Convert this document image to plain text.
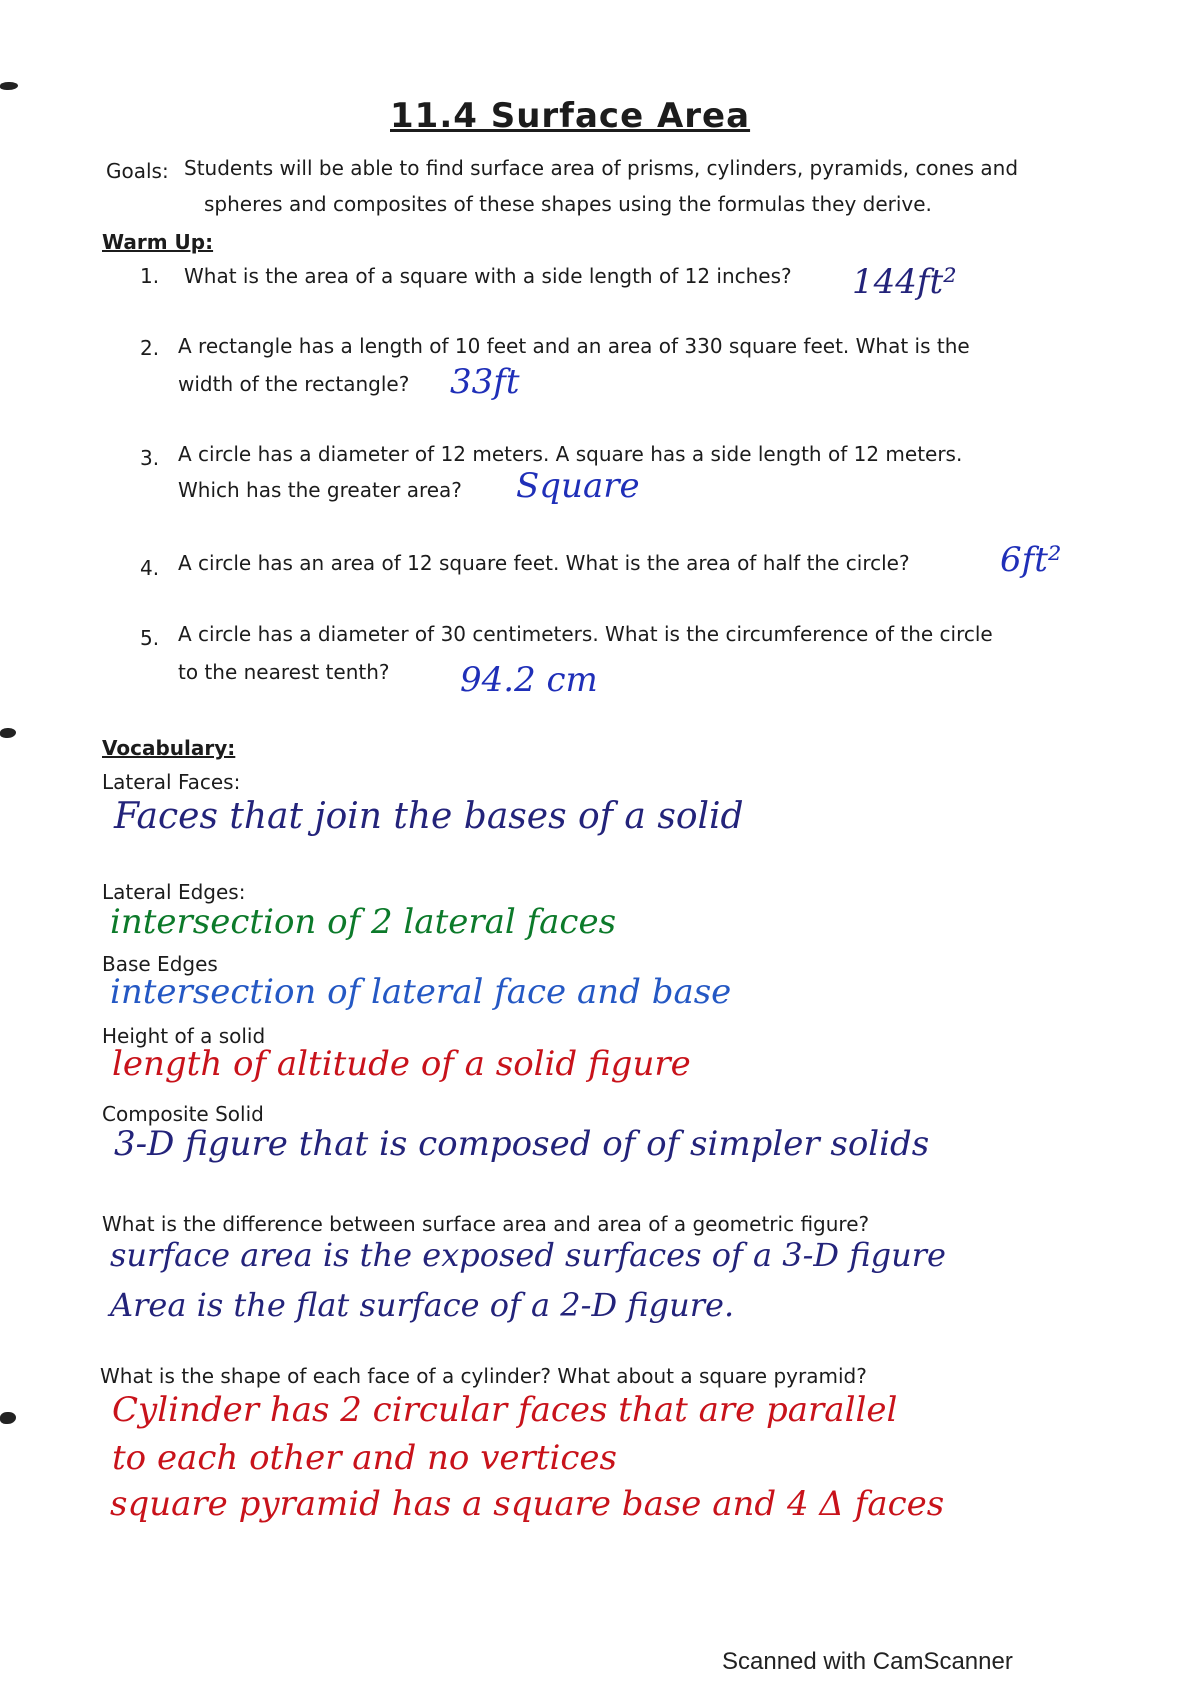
11.4 Surface Area
Goals: Students will be able to find surface area of prisms, cylinders, pyramids, cones and
spheres and composites of these shapes using the formulas they derive.
Warm Up:
1. What is the area of a square with a side length of 12 inches? 144ft²
2. A rectangle has a length of 10 feet and an area of 330 square feet. What is the
width of the rectangle? 33ft
3. A circle has a diameter of 12 meters. A square has a side length of 12 meters.
Which has the greater area? Square
4. A circle has an area of 12 square feet. What is the area of half the circle?	6ft²
5. A circle has a diameter of 30 centimeters. What is the circumference of the circle
to the nearest tenth? 94.2 cm
Vocabulary:
Lateral Faces:
Faces that join the bases of a solid
Lateral Edges:
intersection of 2 lateral faces
Base Edges
intersection of lateral face and base
Height of a solid
length of altitude of a solid figure
Composite Solid
3-D figure that is composed of of simpler solids
What is the difference between surface area and area of a geometric figure?
surface area is the exposed surfaces of a 3-D figure
Area is the flat surface of a 2-D figure.
What is the shape of each face of a cylinder? What about a square pyramid?
Cylinder has 2 circular faces that are parallel
to each other and no vertices
square pyramid has a square base and 4 Δ faces
Scanned with CamScanner
